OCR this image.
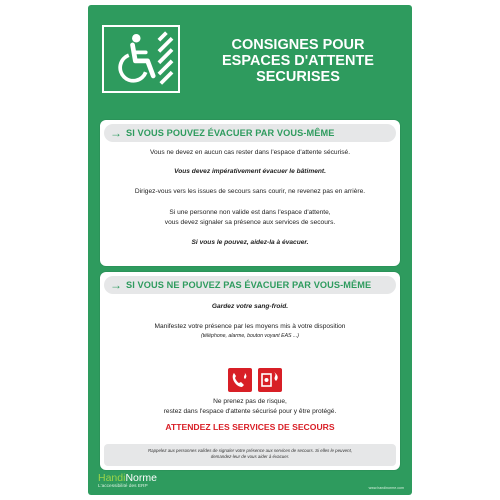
CONSIGNES POUR
ESPACES D'ATTENTE
SECURISES
→ SI VOUS POUVEZ ÉVACUER PAR VOUS-MÊME
Vous ne devez en aucun cas rester dans l'espace d'attente sécurisé.
Vous devez impérativement évacuer le bâtiment.
Dirigez-vous vers les issues de secours sans courir, ne revenez pas en arrière.
Si une personne non valide est dans l'espace d'attente,
vous devez signaler sa présence aux services de secours.
Si vous le pouvez, aidez-la à évacuer.
→ SI VOUS NE POUVEZ PAS ÉVACUER PAR VOUS-MÊME
Gardez votre sang-froid.
Manifestez votre présence par les moyens mis à votre disposition
(téléphone, alarme, bouton voyant EAS ...)
Ne prenez pas de risque,
restez dans l'espace d'attente sécurisé pour y être protégé.
ATTENDEZ LES SERVICES DE SECOURS
Rappelez aux personnes valides de signaler votre présence aux services de secours. Si elles le peuvent,
demandez-leur de vous aider à évacuer.
HandiNorme
L'accessibilité des ERP	www.handinorme.com
